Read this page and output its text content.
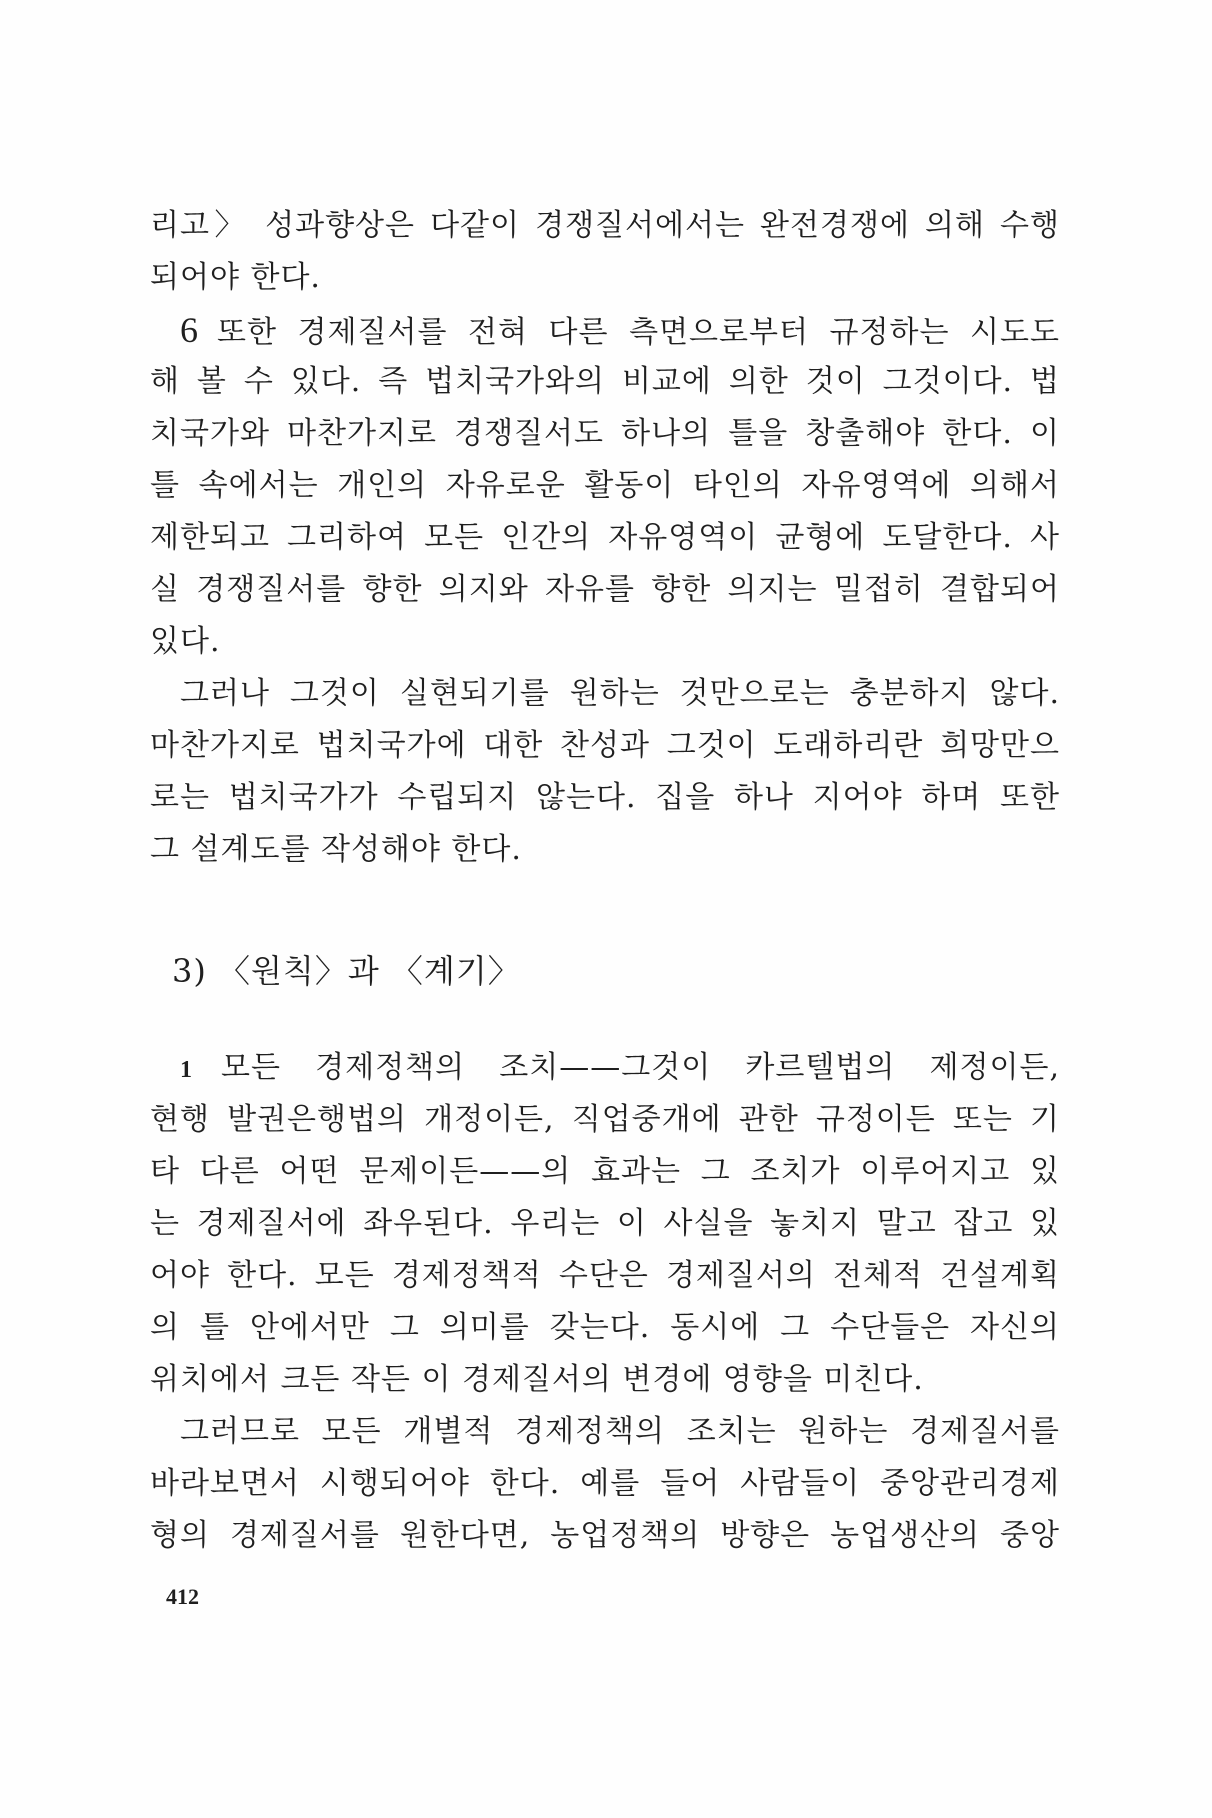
리고〉 성과향상은 다같이 경쟁질서에서는 완전경쟁에 의해 수행
되어야 한다.
6 또한 경제질서를 전혀 다른 측면으로부터 규정하는 시도도
해 볼 수 있다. 즉 법치국가와의 비교에 의한 것이 그것이다. 법
치국가와 마찬가지로 경쟁질서도 하나의 틀을 창출해야 한다. 이
틀 속에서는 개인의 자유로운 활동이 타인의 자유영역에 의해서
제한되고 그리하여 모든 인간의 자유영역이 균형에 도달한다. 사
실 경쟁질서를 향한 의지와 자유를 향한 의지는 밀접히 결합되어
있다.
그러나 그것이 실현되기를 원하는 것만으로는 충분하지 않다.
마찬가지로 법치국가에 대한 찬성과 그것이 도래하리란 희망만으
로는 법치국가가 수립되지 않는다. 집을 하나 지어야 하며 또한
그 설계도를 작성해야 한다.
3) 〈원칙〉과 〈계기〉
1 모든 경제정책의 조치——그것이 카르텔법의 제정이든,
현행 발권은행법의 개정이든, 직업중개에 관한 규정이든 또는 기
타 다른 어떤 문제이든——의 효과는 그 조치가 이루어지고 있
는 경제질서에 좌우된다. 우리는 이 사실을 놓치지 말고 잡고 있
어야 한다. 모든 경제정책적 수단은 경제질서의 전체적 건설계획
의 틀 안에서만 그 의미를 갖는다. 동시에 그 수단들은 자신의
위치에서 크든 작든 이 경제질서의 변경에 영향을 미친다.
그러므로 모든 개별적 경제정책의 조치는 원하는 경제질서를
바라보면서 시행되어야 한다. 예를 들어 사람들이 중앙관리경제
형의 경제질서를 원한다면, 농업정책의 방향은 농업생산의 중앙
412
